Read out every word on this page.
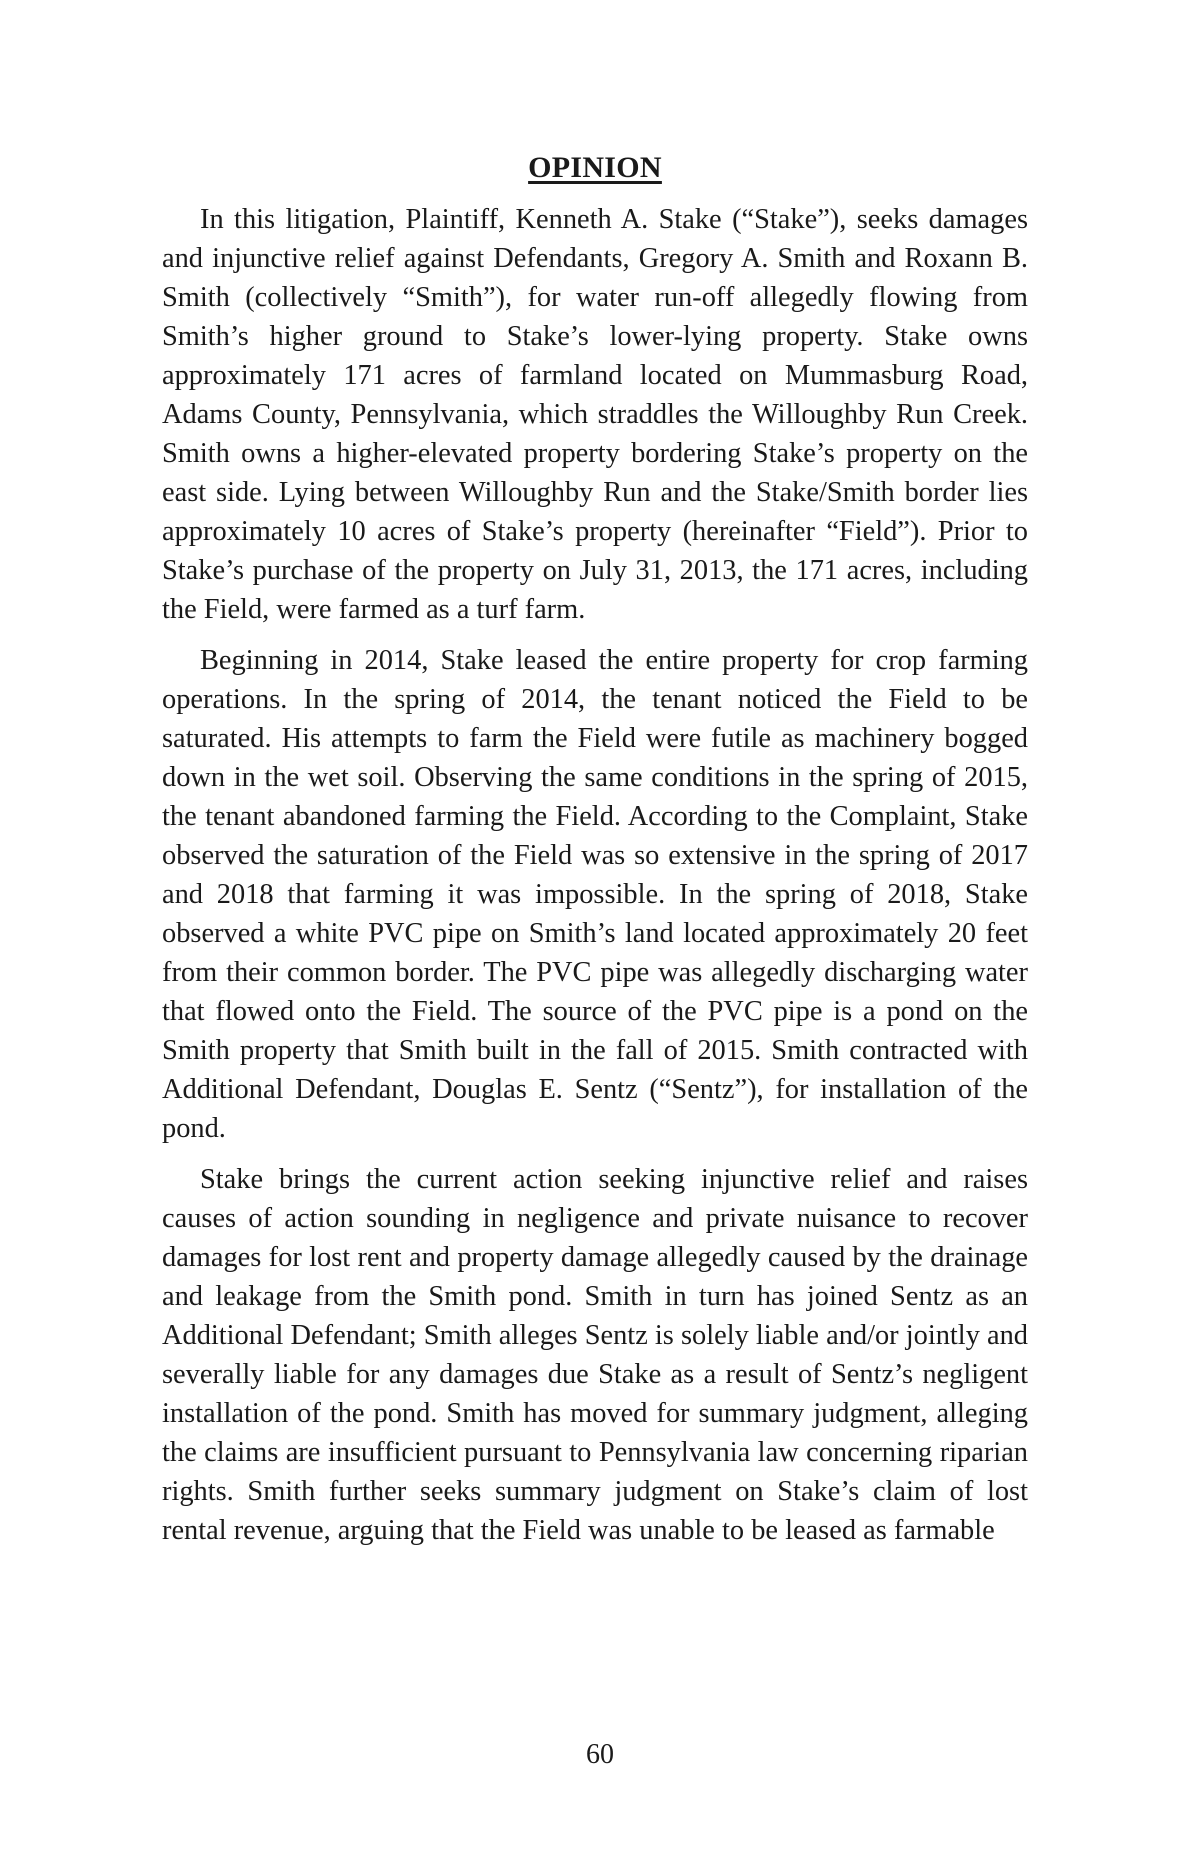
OPINION

In this litigation, Plaintiff, Kenneth A. Stake (“Stake”), seeks damages and injunctive relief against Defendants, Gregory A. Smith and Roxann B. Smith (collectively “Smith”), for water run-off allegedly flowing from Smith’s higher ground to Stake’s lower-lying property. Stake owns approximately 171 acres of farmland located on Mummasburg Road, Adams County, Pennsylvania, which straddles the Willoughby Run Creek. Smith owns a higher-elevated property bordering Stake’s property on the east side. Lying between Willoughby Run and the Stake/Smith border lies approximately 10 acres of Stake’s property (hereinafter “Field”). Prior to Stake’s purchase of the property on July 31, 2013, the 171 acres, including the Field, were farmed as a turf farm.

Beginning in 2014, Stake leased the entire property for crop farming operations. In the spring of 2014, the tenant noticed the Field to be saturated. His attempts to farm the Field were futile as machinery bogged down in the wet soil. Observing the same conditions in the spring of 2015, the tenant abandoned farming the Field. According to the Complaint, Stake observed the saturation of the Field was so extensive in the spring of 2017 and 2018 that farming it was impossible. In the spring of 2018, Stake observed a white PVC pipe on Smith’s land located approximately 20 feet from their common border. The PVC pipe was allegedly discharging water that flowed onto the Field. The source of the PVC pipe is a pond on the Smith property that Smith built in the fall of 2015. Smith contracted with Additional Defendant, Douglas E. Sentz (“Sentz”), for installation of the pond.

Stake brings the current action seeking injunctive relief and raises causes of action sounding in negligence and private nuisance to recover damages for lost rent and property damage allegedly caused by the drainage and leakage from the Smith pond. Smith in turn has joined Sentz as an Additional Defendant; Smith alleges Sentz is solely liable and/or jointly and severally liable for any damages due Stake as a result of Sentz’s negligent installation of the pond. Smith has moved for summary judgment, alleging the claims are insufficient pursuant to Pennsylvania law concerning riparian rights. Smith further seeks summary judgment on Stake’s claim of lost rental revenue, arguing that the Field was unable to be leased as farmable

60
